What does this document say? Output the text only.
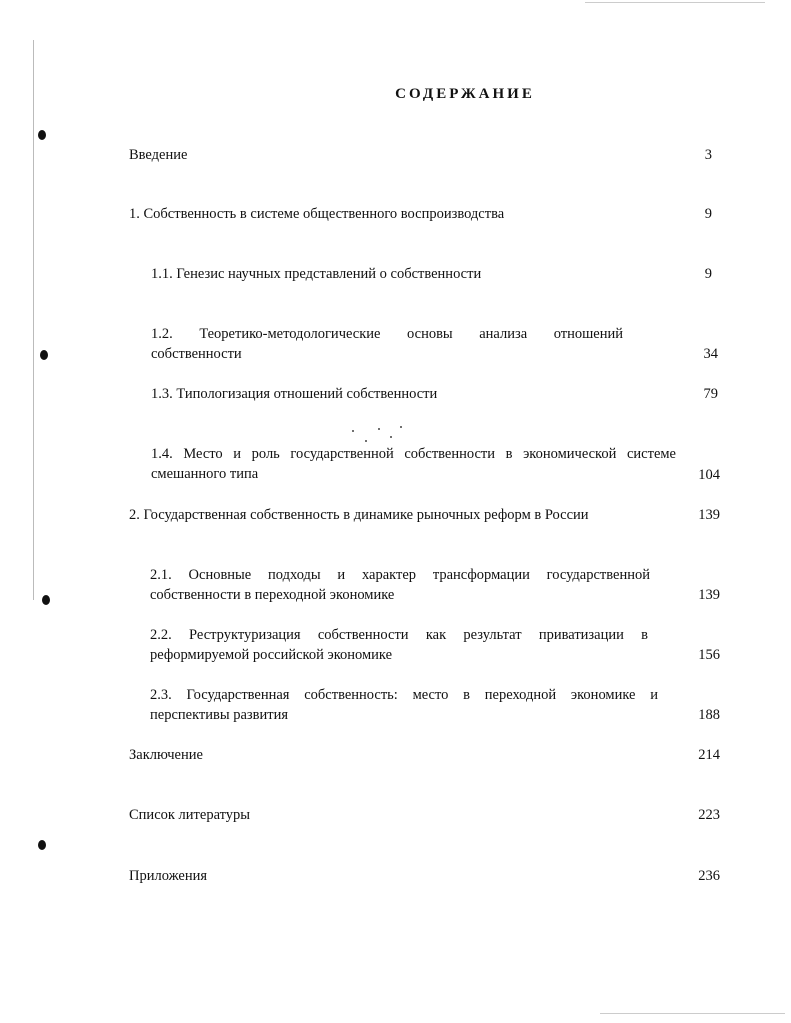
СОДЕРЖАНИЕ
Введение	3
1. Собственность в системе общественного воспроизводства	9
1.1. Генезис научных представлений о собственности	9
1.2. Теоретико-методологические основы анализа отношений собственности	34
1.3. Типологизация отношений собственности	79
1.4. Место и роль государственной собственности в экономической системе смешанного типа	104
2. Государственная собственность в динамике рыночных реформ в России	139
2.1. Основные подходы и характер трансформации государственной собственности в переходной экономике	139
2.2. Реструктуризация собственности как результат приватизации в реформируемой российской экономике	156
2.3. Государственная собственность: место в переходной экономике и перспективы развития	188
Заключение	214
Список литературы	223
Приложения	236
